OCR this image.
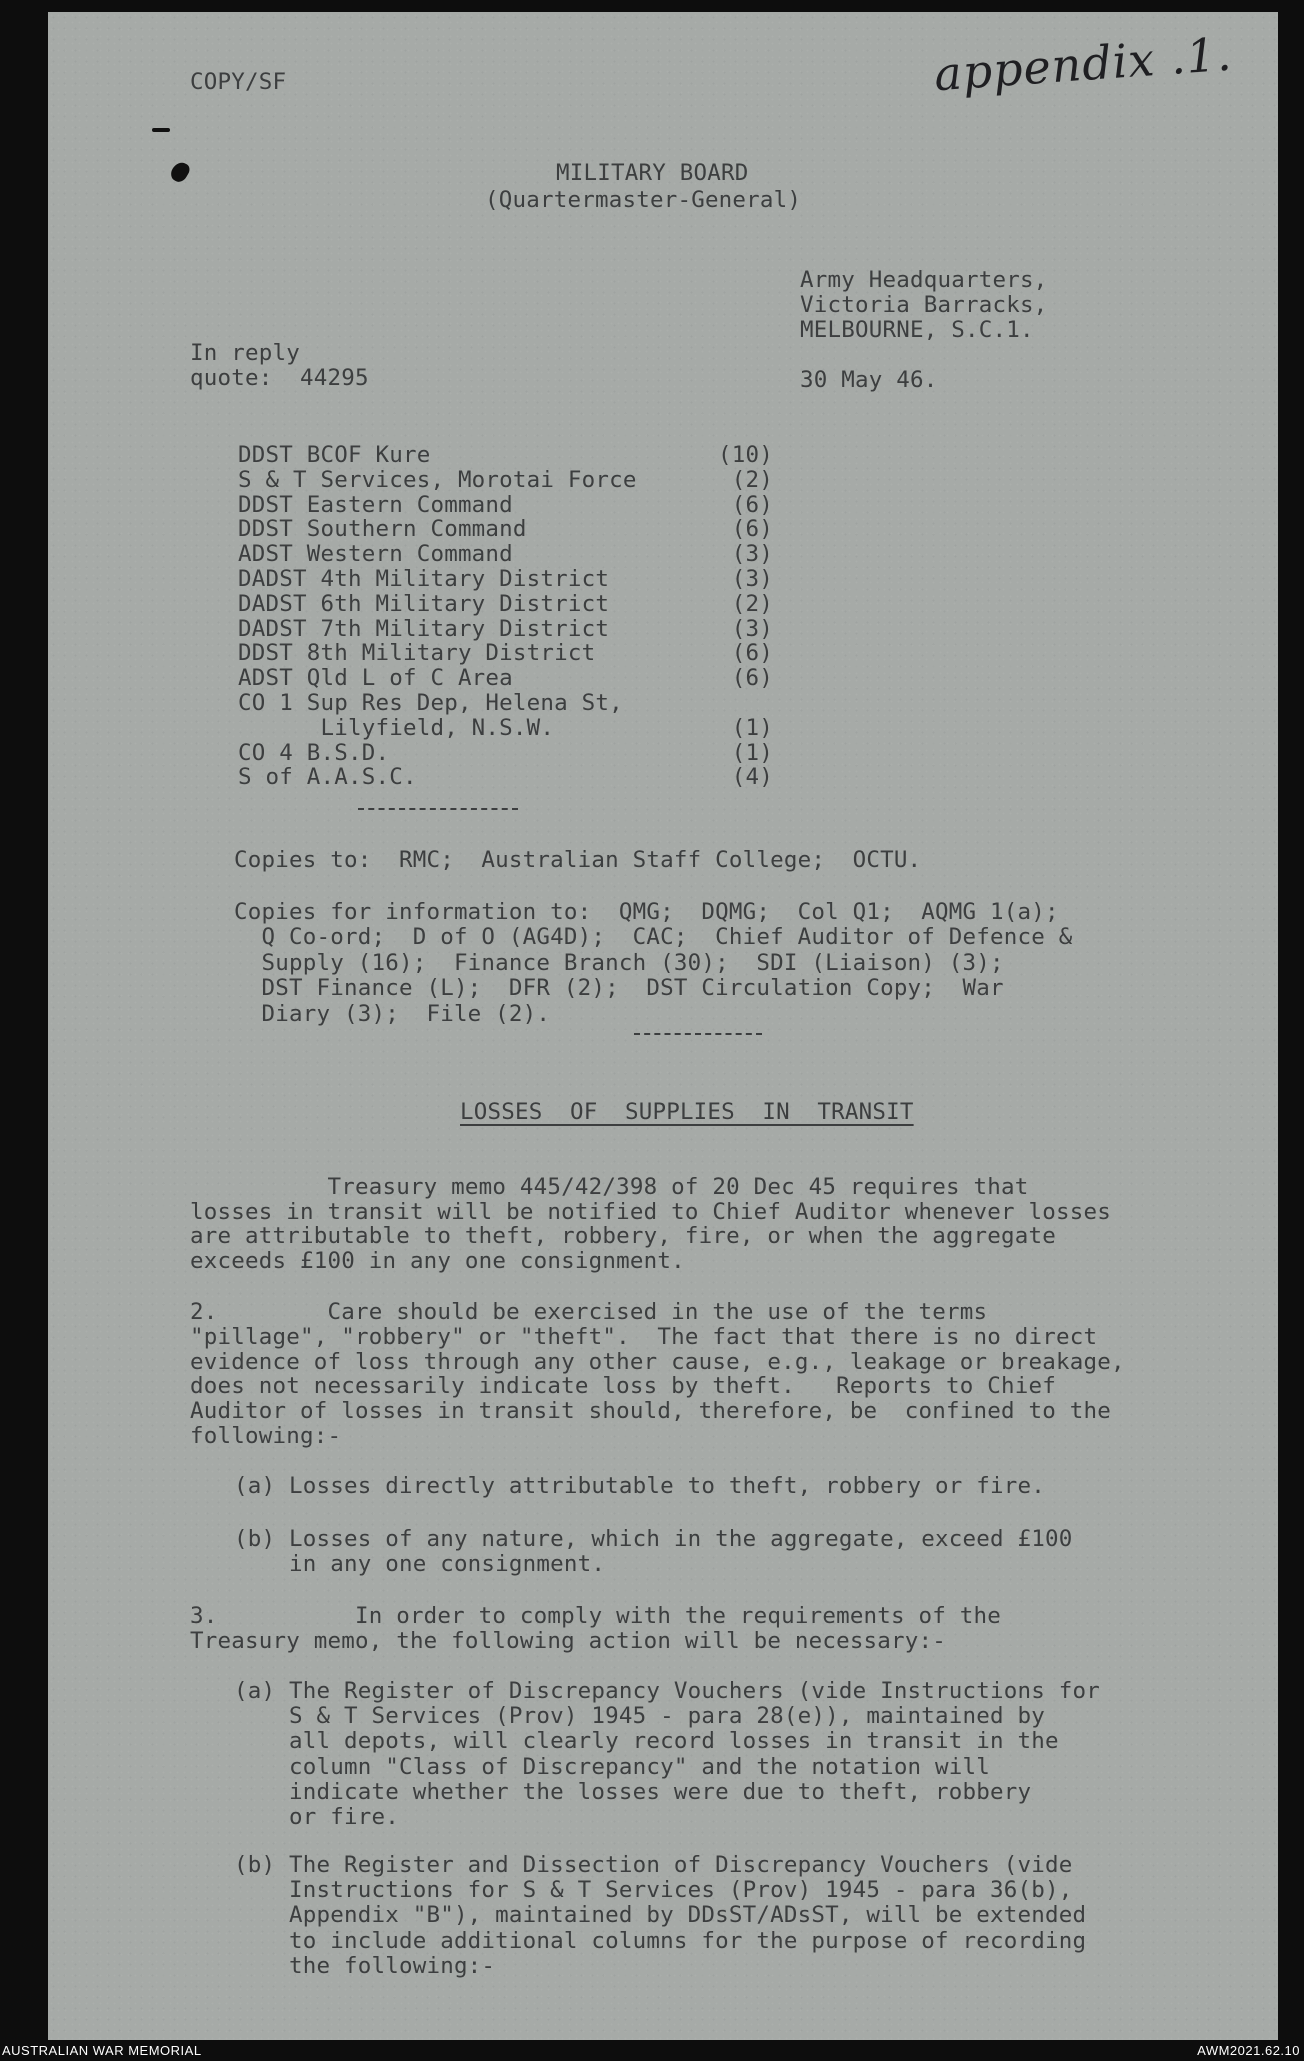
COPY/SF	appendix .1.
MILITARY BOARD
(Quartermaster-General)
Army Headquarters,
Victoria Barracks,
MELBOURNE, S.C.1.
In reply
quote:  44295	30 May 46.
DDST BCOF Kure	(10)
S & T Services, Morotai Force	(2)
DDST Eastern Command	(6)
DDST Southern Command	(6)
ADST Western Command	(3)
DADST 4th Military District	(3)
DADST 6th Military District	(2)
DADST 7th Military District	(3)
DDST 8th Military District	(6)
ADST Qld L of C Area	(6)
CO 1 Sup Res Dep, Helena St,
Lilyfield, N.S.W.	(1)
CO 4 B.S.D.	(1)
S of A.A.S.C.	(4)
Copies to:  RMC;  Australian Staff College;  OCTU.
Copies for information to:  QMG;  DQMG;  Col Q1;  AQMG 1(a);
Q Co-ord;  D of O (AG4D);  CAC;  Chief Auditor of Defence &
Supply (16);  Finance Branch (30);  SDI (Liaison) (3);
DST Finance (L);  DFR (2);  DST Circulation Copy;  War
Diary (3);  File (2).
LOSSES  OF  SUPPLIES  IN  TRANSIT
Treasury memo 445/42/398 of 20 Dec 45 requires that
losses in transit will be notified to Chief Auditor whenever losses
are attributable to theft, robbery, fire, or when the aggregate
exceeds £100 in any one consignment.
2.        Care should be exercised in the use of the terms
"pillage", "robbery" or "theft".  The fact that there is no direct
evidence of loss through any other cause, e.g., leakage or breakage,
does not necessarily indicate loss by theft.   Reports to Chief
Auditor of losses in transit should, therefore, be  confined to the
following:-
(a) Losses directly attributable to theft, robbery or fire.
(b) Losses of any nature, which in the aggregate, exceed £100
in any one consignment.
3.          In order to comply with the requirements of the
Treasury memo, the following action will be necessary:-
(a) The Register of Discrepancy Vouchers (vide Instructions for
S & T Services (Prov) 1945 - para 28(e)), maintained by
all depots, will clearly record losses in transit in the
column "Class of Discrepancy" and the notation will
indicate whether the losses were due to theft, robbery
or fire.
(b) The Register and Dissection of Discrepancy Vouchers (vide
Instructions for S & T Services (Prov) 1945 - para 36(b),
Appendix "B"), maintained by DDsST/ADsST, will be extended
to include additional columns for the purpose of recording
the following:-
AUSTRALIAN WAR MEMORIAL	AWM2021.62.10
